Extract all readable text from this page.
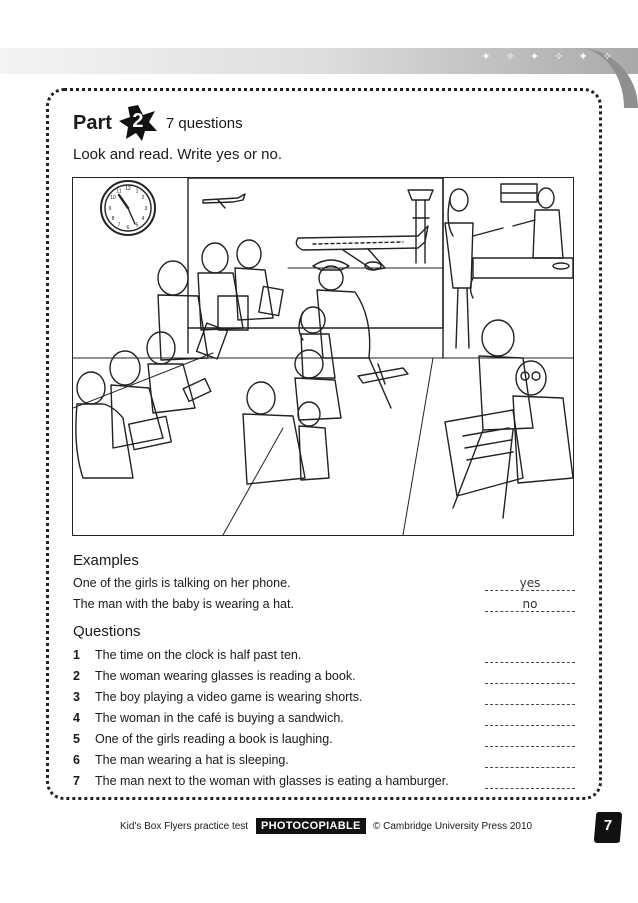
✦ ✧ ✦ ✧ ✦ ✧
Part	2	7 questions
Look and read. Write yes or no.
12 1
2
3
4
5
6
7
8
9
10
11
Examples
One of the girls is talking on her phone.	yes
The man with the baby is wearing a hat.	no
Questions
1 The time on the clock is half past ten.
2 The woman wearing glasses is reading a book.
3 The boy playing a video game is wearing shorts.
4 The woman in the café is buying a sandwich.
5 One of the girls reading a book is laughing.
6 The man wearing a hat is sleeping.
7 The man next to the woman with glasses is eating a hamburger.
Kid's Box Flyers practice test	PHOTOCOPIABLE	© Cambridge University Press 2010	7
